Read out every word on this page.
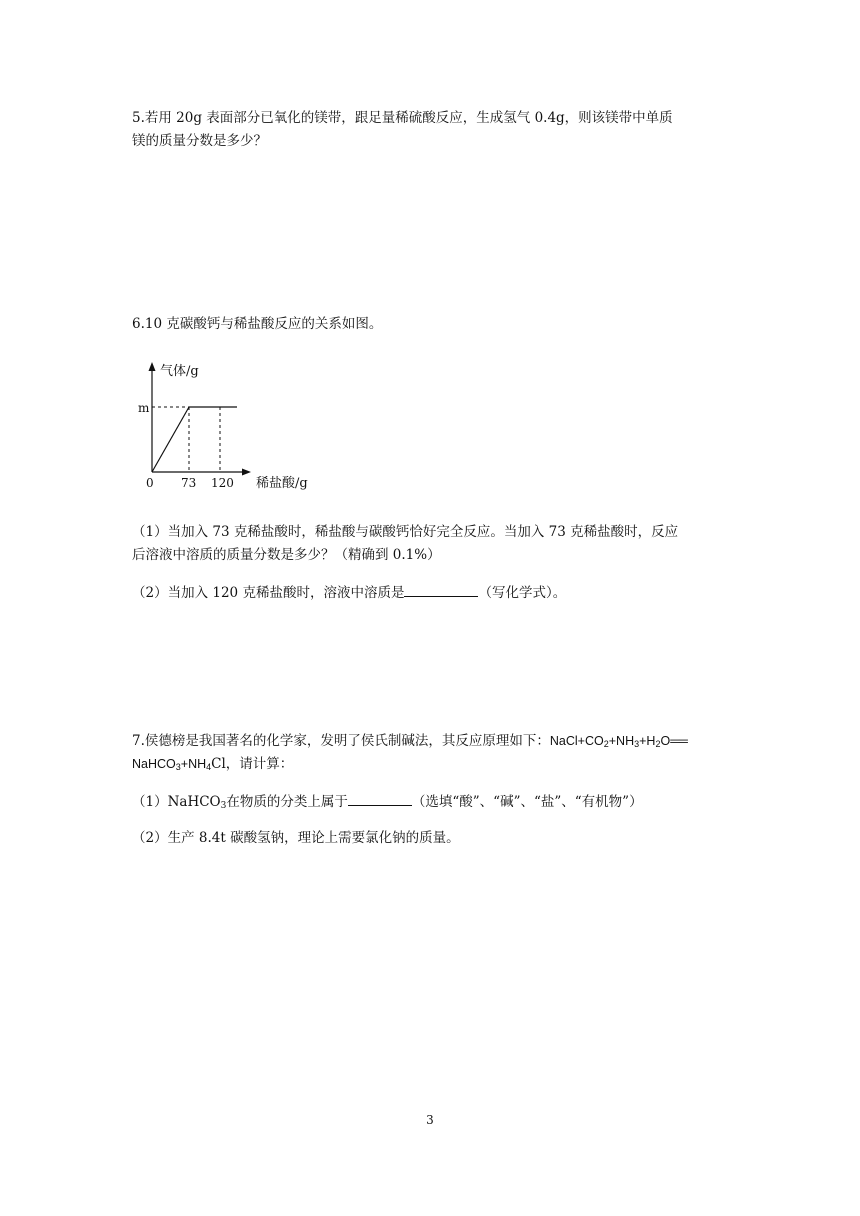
5.若用 20g 表面部分已氧化的镁带，跟足量稀硫酸反应，生成氢气 0.4g，则该镁带中单质
镁的质量分数是多少？
6.10 克碳酸钙与稀盐酸反应的关系如图。
气体/g
m
0 73 120 稀盐酸/g
（1）当加入 73 克稀盐酸时，稀盐酸与碳酸钙恰好完全反应。当加入 73 克稀盐酸时，反应
后溶液中溶质的质量分数是多少？（精确到 0.1%）
（2）当加入 120 克稀盐酸时，溶液中溶质是	（写化学式）。
7.侯德榜是我国著名的化学家，发明了侯氏制碱法，其反应原理如下：$NaCl+CO_2+NH_3+H_2O══$
$NaHCO_3+NH_4Cl$，请计算：
（1）NaHCO$_3$在物质的分类上属于	（选填“酸”、“碱”、“盐”、“有机物”）
（2）生产 8.4t 碳酸氢钠，理论上需要氯化钠的质量。
3
